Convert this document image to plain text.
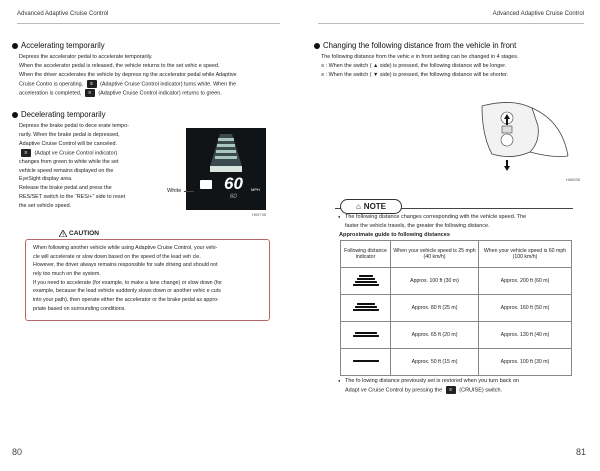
Advanced Adaptive Cruise Control	Advanced Adaptive Cruise Control
Accelerating temporarily
Depress the accelerator pedal to accelerate temporarily.
When the accelerator pedal is released, the vehicle returns to the set vehic e speed.
When the driver accelerates the vehicle by depress ng the accelerator pedal while Adaptive
Cruise Contro is operating, ≡ (Adaptive Cruise Control indicator) turns white. When the
acceleration is completed, ≡ (Adaptive Cruise Control indicator) returns to green.
Decelerating temporarily
Depress the brake pedal to dece erate tempo-
rarily. When the brake pedal is depressed,
Adaptive Cruise Control will be canceled.
≡ (Adapt ve Cruise Control indicator)
changes from green to white while the set
vehicle speed remains displayed on the
EyeSight display area.
Release the brake pedal and press the
RES/SET switch to the “RES/+” side to reset
the set vehicle speed.
MPH
60
60
White
H00735
! CAUTION
When following another vehicle while using Adaptive Cruise Control, your vehi-
cle will accelerate or slow down based on the speed of the lead veh cle.
However, the driver always remains responsible for safe driving and should not
rely too much on the system.
If you need to accelerate (for example, to make a lane change) or slow down (for
example, because the lead vehicle suddenly slows down or another vehic e cuts
into your path), then operate either the accelerator or the brake pedal as appro-
priate based on surrounding conditions.
Changing the following distance from the vehicle in front
The following distance from the vehic e in front setting can be changed in 4 stages.
≡ : When the switch ( ▲ side) is pressed, the following distance will be longer.
≡ : When the switch ( ▼ side) is pressed, the following distance will be shorter.
H06535
⌂ NOTE
● The following distance changes corresponding with the vehicle speed. The
faster the vehicle travels, the greater the following distance.
Approximate guide to following distances
Following distance indicator	When your vehicle speed is 25 mph (40 km/h)	When your vehicle speed is 60 mph (100 km/h)

	Approx. 100 ft (30 m)	Approx. 200 ft (60 m)

	Approx. 80 ft (25 m)	Approx. 160 ft (50 m)

	Approx. 65 ft (20 m)	Approx. 130 ft (40 m)

	Approx. 50 ft (15 m)	Approx. 100 ft (30 m)
● The fo lowing distance previously set is restored when you turn back on
Adapt ve Cruise Control by pressing the ≡ (CRUISE) switch.
80	81
